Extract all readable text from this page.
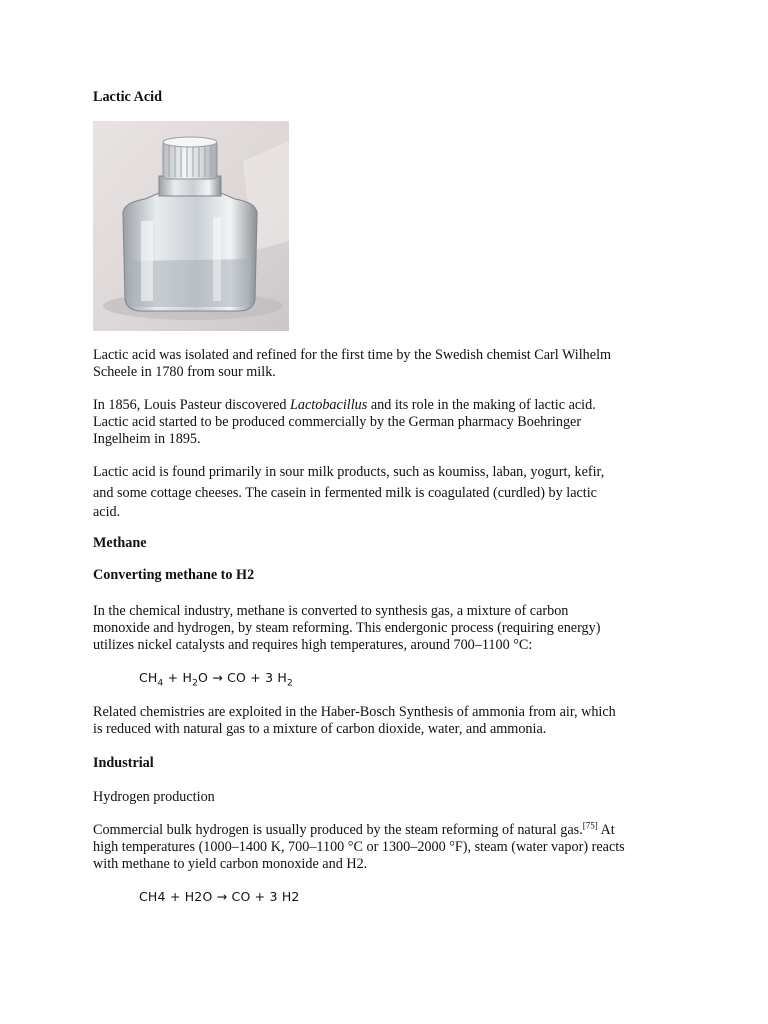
Lactic Acid
Lactic acid was isolated and refined for the first time by the Swedish chemist Carl Wilhelm
Scheele in 1780 from sour milk.
In 1856, Louis Pasteur discovered Lactobacillus and its role in the making of lactic acid.
Lactic acid started to be produced commercially by the German pharmacy Boehringer
Ingelheim in 1895.
Lactic acid is found primarily in sour milk products, such as koumiss, laban, yogurt, kefir,
and some cottage cheeses. The casein in fermented milk is coagulated (curdled) by lactic
acid.
Methane
Converting methane to H2
In the chemical industry, methane is converted to synthesis gas, a mixture of carbon
monoxide and hydrogen, by steam reforming. This endergonic process (requiring energy)
utilizes nickel catalysts and requires high temperatures, around 700–1100 °C:
$CH_4 + H_2O$ → CO + 3 $H_2$
Related chemistries are exploited in the Haber-Bosch Synthesis of ammonia from air, which
is reduced with natural gas to a mixture of carbon dioxide, water, and ammonia.
Industrial
Hydrogen production
Commercial bulk hydrogen is usually produced by the steam reforming of natural gas.[75] At
high temperatures (1000–1400 K, 700–1100 °C or 1300–2000 °F), steam (water vapor) reacts
with methane to yield carbon monoxide and H2.
CH4 + H2O → CO + 3 H2
